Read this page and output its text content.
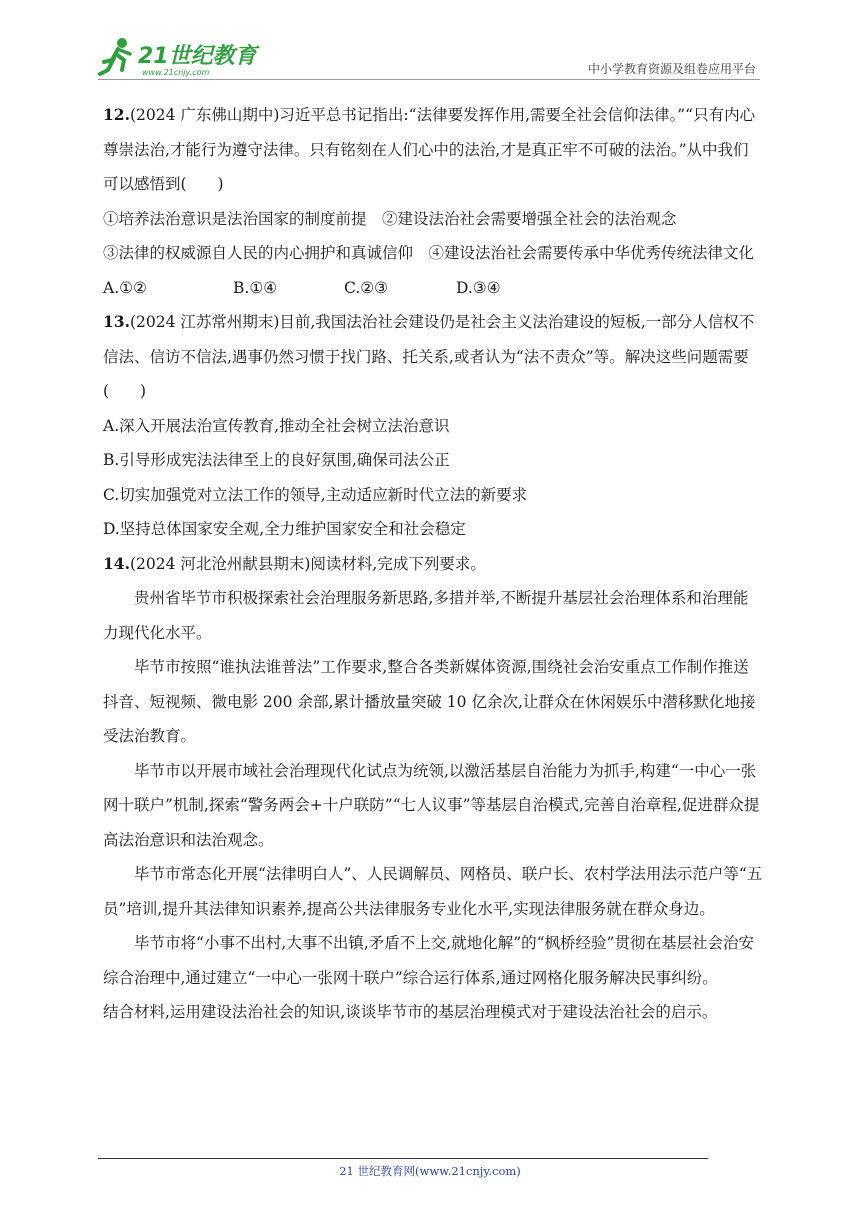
21世纪教育
www.21cnjy.com	中小学教育资源及组卷应用平台

12.(2024 广东佛山期中)习近平总书记指出:“法律要发挥作用,需要全社会信仰法律。”“只有内心尊崇法治,才能行为遵守法律。只有铭刻在人们心中的法治,才是真正牢不可破的法治。”从中我们可以感悟到(　　)

①培养法治意识是法治国家的制度前提　②建设法治社会需要增强全社会的法治观念

③法律的权威源自人民的内心拥护和真诚信仰　④建设法治社会需要传承中华优秀传统法律文化

A.①②	B.①④	C.②③	D.③④

13.(2024 江苏常州期末)目前,我国法治社会建设仍是社会主义法治建设的短板,一部分人信权不信法、信访不信法,遇事仍然习惯于找门路、托关系,或者认为“法不责众”等。解决这些问题需要(　　)

A.深入开展法治宣传教育,推动全社会树立法治意识

B.引导形成宪法法律至上的良好氛围,确保司法公正

C.切实加强党对立法工作的领导,主动适应新时代立法的新要求

D.坚持总体国家安全观,全力维护国家安全和社会稳定

14.(2024 河北沧州献县期末)阅读材料,完成下列要求。

贵州省毕节市积极探索社会治理服务新思路,多措并举,不断提升基层社会治理体系和治理能力现代化水平。

毕节市按照“谁执法谁普法”工作要求,整合各类新媒体资源,围绕社会治安重点工作制作推送抖音、短视频、微电影 200 余部,累计播放量突破 10 亿余次,让群众在休闲娱乐中潜移默化地接受法治教育。

毕节市以开展市域社会治理现代化试点为统领,以激活基层自治能力为抓手,构建“一中心一张网十联户”机制,探索“警务两会+十户联防”“七人议事”等基层自治模式,完善自治章程,促进群众提高法治意识和法治观念。

毕节市常态化开展“法律明白人”、人民调解员、网格员、联户长、农村学法用法示范户等“五员”培训,提升其法律知识素养,提高公共法律服务专业化水平,实现法律服务就在群众身边。

毕节市将“小事不出村,大事不出镇,矛盾不上交,就地化解”的“枫桥经验”贯彻在基层社会治安综合治理中,通过建立“一中心一张网十联户”综合运行体系,通过网格化服务解决民事纠纷。

结合材料,运用建设法治社会的知识,谈谈毕节市的基层治理模式对于建设法治社会的启示。

21 世纪教育网(www.21cnjy.com)
